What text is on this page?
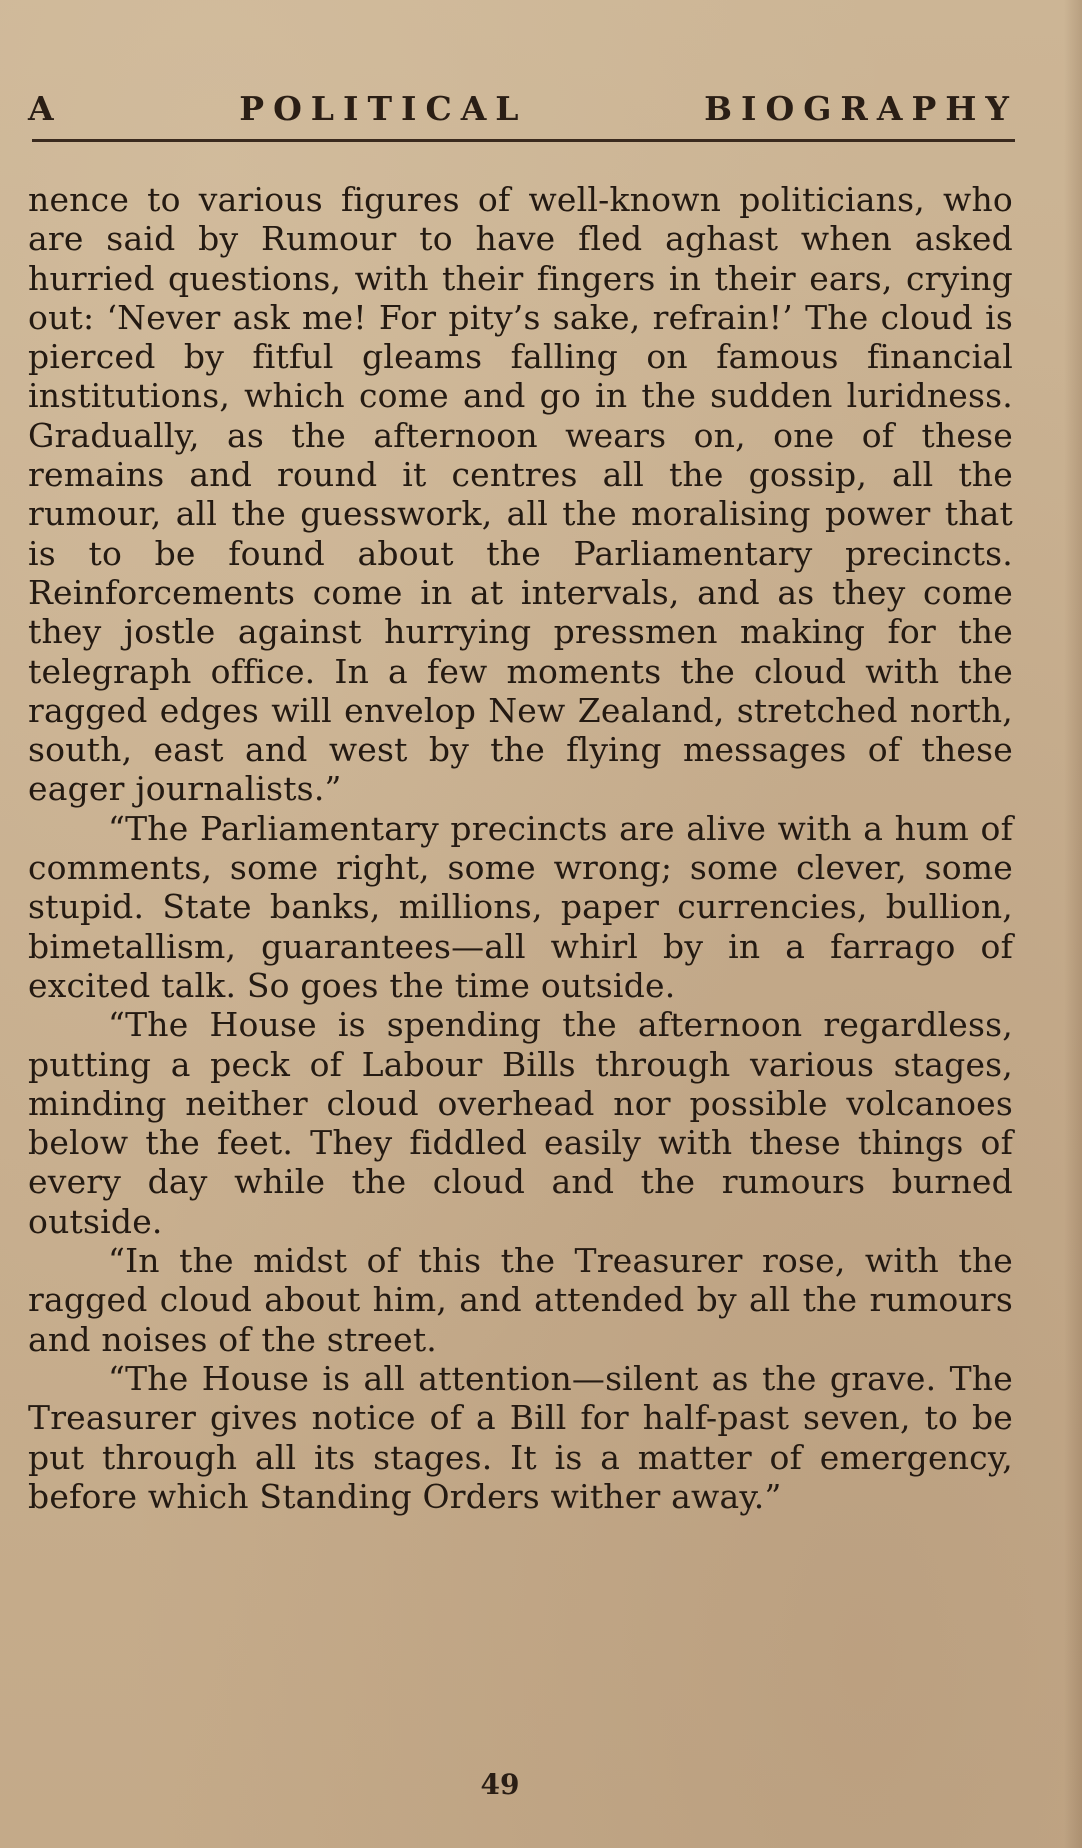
A	POLITICAL	BIOGRAPHY

nence to various figures of well-known politicians, who are said by Rumour to have fled aghast when asked hurried questions, with their fingers in their ears, crying out: ‘Never ask me! For pity’s sake, refrain!’ The cloud is pierced by fitful gleams falling on famous financial institutions, which come and go in the sudden luridness. Gradually, as the afternoon wears on, one of these remains and round it centres all the gossip, all the rumour, all the guesswork, all the moralising power that is to be found about the Parliamentary precincts. Reinforcements come in at intervals, and as they come they jostle against hurrying pressmen making for the telegraph office. In a few moments the cloud with the ragged edges will envelop New Zealand, stretched north, south, east and west by the flying messages of these eager journalists.”

“The Parliamentary precincts are alive with a hum of comments, some right, some wrong; some clever, some stupid. State banks, millions, paper currencies, bullion, bimetallism, guarantees—all whirl by in a farrago of excited talk. So goes the time outside.

“The House is spending the afternoon regardless, putting a peck of Labour Bills through various stages, minding neither cloud overhead nor possible volcanoes below the feet. They fiddled easily with these things of every day while the cloud and the rumours burned outside.

“In the midst of this the Treasurer rose, with the ragged cloud about him, and attended by all the rumours and noises of the street.

“The House is all attention—silent as the grave. The Treasurer gives notice of a Bill for half-past seven, to be put through all its stages. It is a matter of emergency, before which Standing Orders wither away.”

49
